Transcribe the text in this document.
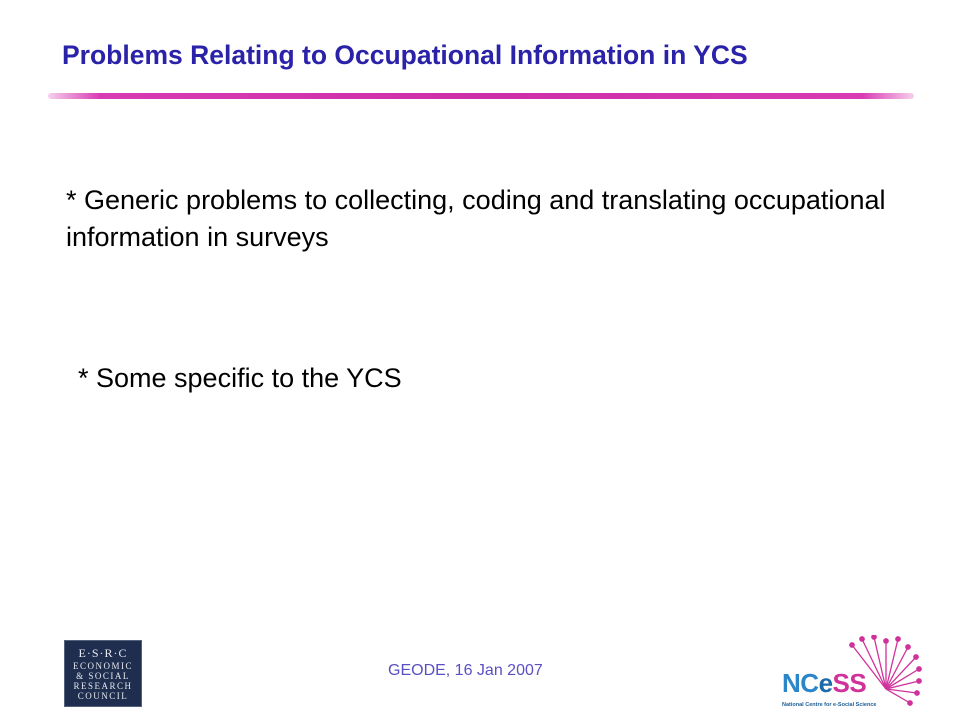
Problems Relating to Occupational Information in YCS
* Generic problems to collecting, coding and translating occupational information in surveys
* Some specific to the YCS
E·S·R·C
ECONOMIC
& SOCIAL
RESEARCH
COUNCIL
GEODE, 16 Jan 2007	NCeSS
National Centre for e-Social Science
